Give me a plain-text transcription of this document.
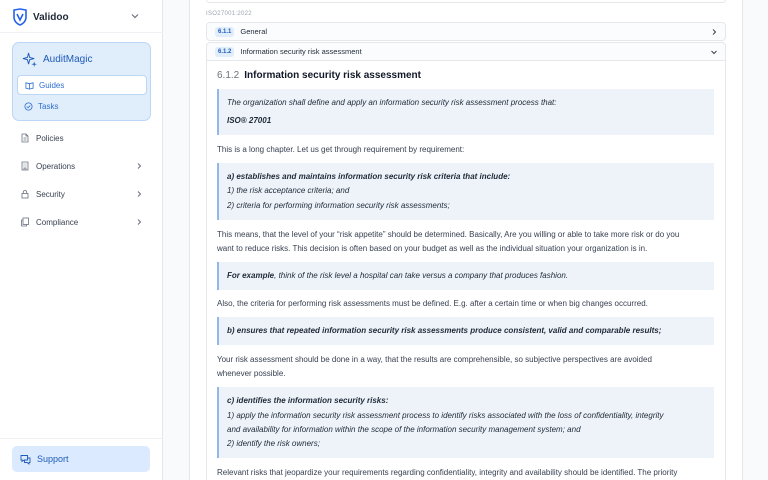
Validoo
AuditMagic
Guides
Tasks
Policies
Operations
Security
Compliance
Support
ISO27001:2022
6.1.1	General
6.1.2	Information security risk assessment
6.1.2 Information security risk assessment
The organization shall define and apply an information security risk assessment process that:
ISO® 27001
This is a long chapter. Let us get through requirement by requirement:
a) establishes and maintains information security risk criteria that include:
1) the risk acceptance criteria; and
2) criteria for performing information security risk assessments;
This means, that the level of your “risk appetite” should be determined. Basically, Are you willing or able to take more risk or do you
want to reduce risks. This decision is often based on your budget as well as the individual situation your organization is in.
For example, think of the risk level a hospital can take versus a company that produces fashion.
Also, the criteria for performing risk assessments must be defined. E.g. after a certain time or when big changes occurred.
b) ensures that repeated information security risk assessments produce consistent, valid and comparable results;
Your risk assessment should be done in a way, that the results are comprehensible, so subjective perspectives are avoided
whenever possible.
c) identifies the information security risks:
1) apply the information security risk assessment process to identify risks associated with the loss of confidentiality, integrity
and availability for information within the scope of the information security management system; and
2) identify the risk owners;
Relevant risks that jeopardize your requirements regarding confidentiality, integrity and availability should be identified. The priority
